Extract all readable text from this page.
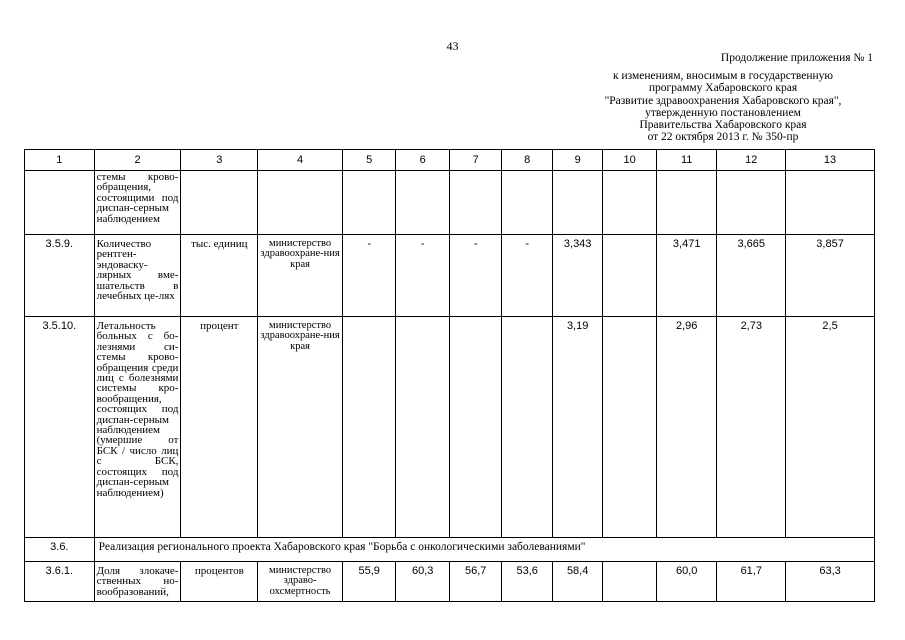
43
Продолжение приложения № 1
к изменениям, вносимым в государственную
программу Хабаровского края
"Развитие здравоохранения Хабаровского края",
утвержденную постановлением
Правительства Хабаровского края
от 22 октября 2013 г. № 350-пр
1	2	3	4	5	6	7	8	9	10	11	12	13
	стемы крово-обращения, состоящими под диспан-серным наблюдением											
3.5.9.	Количество рентген-эндоваску-лярных вме-шательств в лечебных це-лях	тыс. единиц	министерство здравоохране-ния края	-	-	-	-	3,343		3,471	3,665	3,857
3.5.10.	Летальность больных с бо-лезнями си-стемы крово-обращения среди лиц с болезнями системы кро-вообращения, состоящих под диспан-серным наблюдением (умершие от БСК / число лиц с БСК, состоящих под диспан-серным наблюдением)	процент	министерство здравоохране-ния края					3,19		2,96	2,73	2,5
3.6.	Реализация регионального проекта Хабаровского края "Борьба с онкологическими заболеваниями"											
3.6.1.	Доля злокаче-ственных но-вообразований,	процентов	министерство здраво-охсмертность	55,9	60,3	56,7	53,6	58,4		60,0	61,7	63,3
